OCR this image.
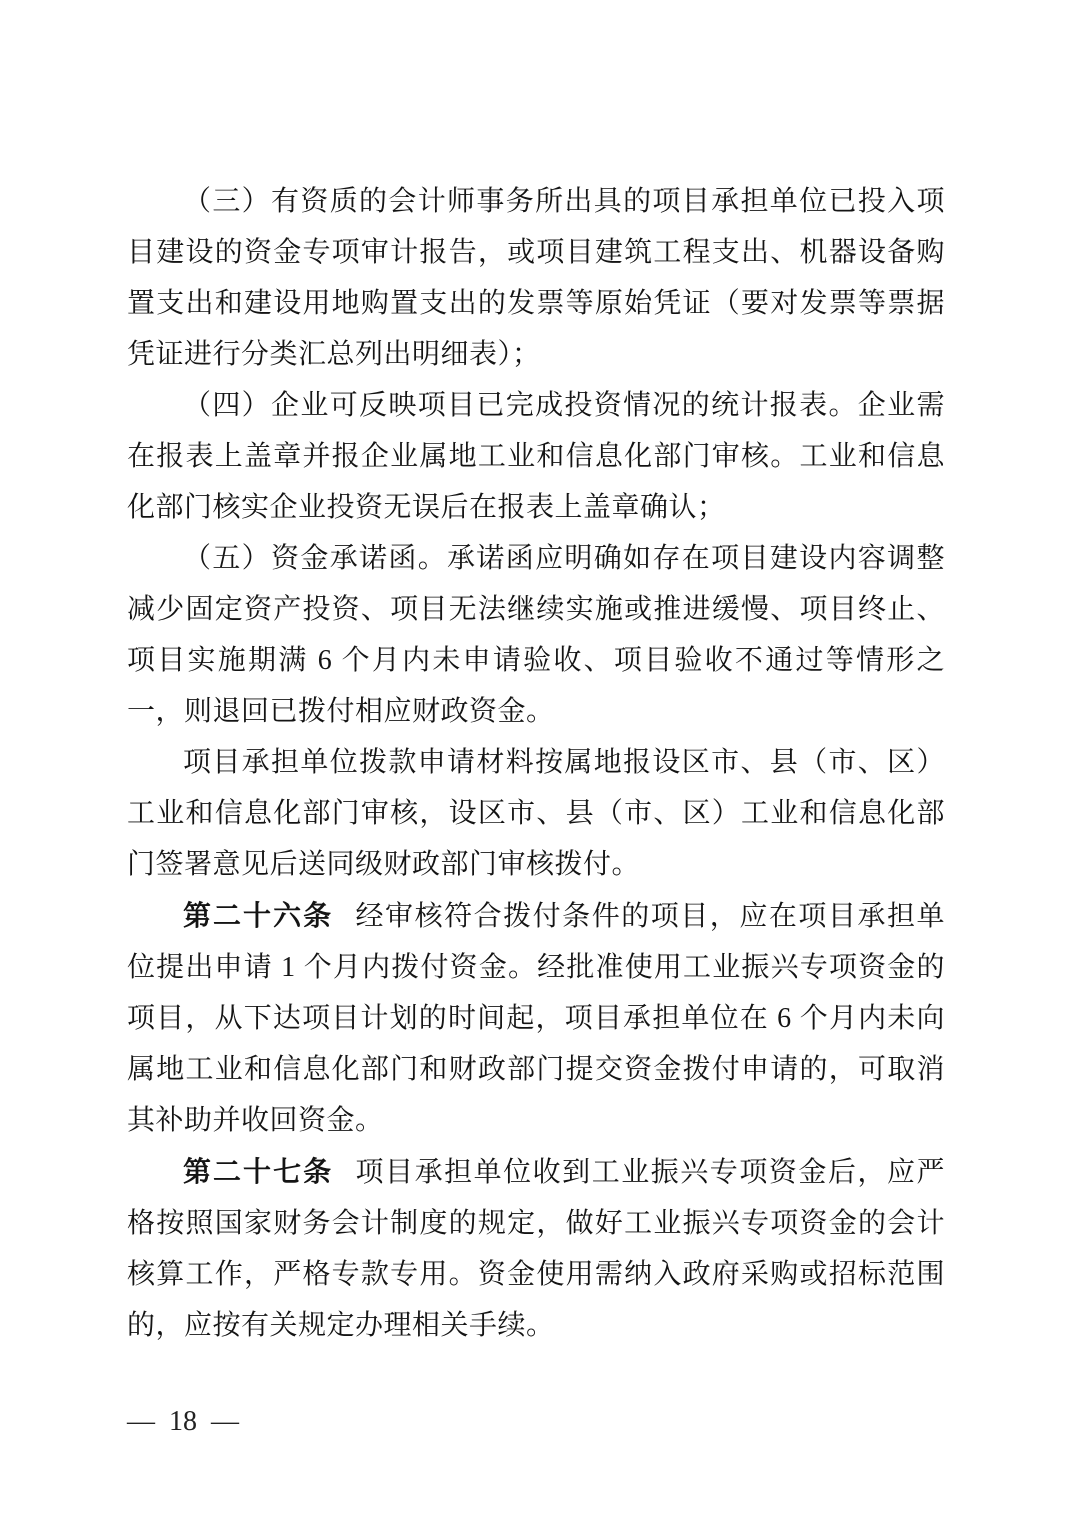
（三）有资质的会计师事务所出具的项目承担单位已投入项目建设的资金专项审计报告，或项目建筑工程支出、机器设备购置支出和建设用地购置支出的发票等原始凭证（要对发票等票据凭证进行分类汇总列出明细表）；

（四）企业可反映项目已完成投资情况的统计报表。企业需在报表上盖章并报企业属地工业和信息化部门审核。工业和信息化部门核实企业投资无误后在报表上盖章确认；

（五）资金承诺函。承诺函应明确如存在项目建设内容调整减少固定资产投资、项目无法继续实施或推进缓慢、项目终止、项目实施期满 6 个月内未申请验收、项目验收不通过等情形之一，则退回已拨付相应财政资金。

项目承担单位拨款申请材料按属地报设区市、县（市、区）工业和信息化部门审核，设区市、县（市、区）工业和信息化部门签署意见后送同级财政部门审核拨付。

第二十六条 经审核符合拨付条件的项目，应在项目承担单位提出申请 1 个月内拨付资金。经批准使用工业振兴专项资金的项目，从下达项目计划的时间起，项目承担单位在 6 个月内未向属地工业和信息化部门和财政部门提交资金拨付申请的，可取消其补助并收回资金。

第二十七条 项目承担单位收到工业振兴专项资金后，应严格按照国家财务会计制度的规定，做好工业振兴专项资金的会计核算工作，严格专款专用。资金使用需纳入政府采购或招标范围的，应按有关规定办理相关手续。

— 18 —
